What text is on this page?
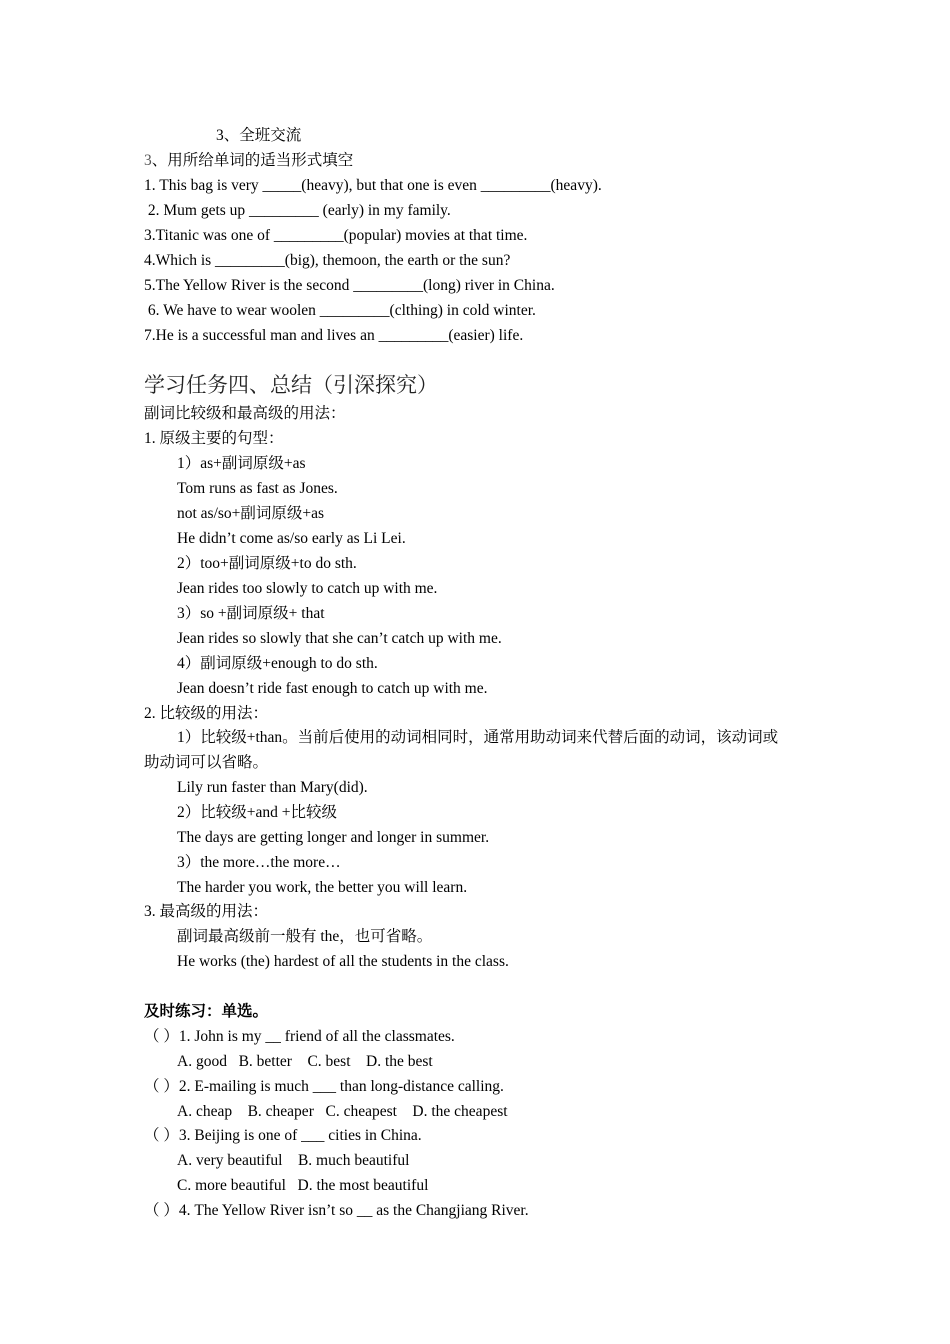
3、全班交流
3、用所给单词的适当形式填空
1. This bag is very _____(heavy), but that one is even _________(heavy).
2. Mum gets up _________ (early) in my family.
3.Titanic was one of _________(popular) movies at that time.
4.Which is _________(big), themoon, the earth or the sun?
5.The Yellow River is the second _________(long) river in China.
6. We have to wear woolen _________(clthing) in cold winter.
7.He is a successful man and lives an _________(easier) life.
学习任务四、总结（引深探究）
副词比较级和最高级的用法：
1. 原级主要的句型：
1）as+副词原级+as
Tom runs as fast as Jones.
not as/so+副词原级+as
He didn’t come as/so early as Li Lei.
2）too+副词原级+to do sth.
Jean rides too slowly to catch up with me.
3）so +副词原级+ that
Jean rides so slowly that she can’t catch up with me.
4）副词原级+enough to do sth.
Jean doesn’t ride fast enough to catch up with me.
2. 比较级的用法：
1）比较级+than。当前后使用的动词相同时，通常用助动词来代替后面的动词，该动词或
助动词可以省略。
Lily run faster than Mary(did).
2）比较级+and +比较级
The days are getting longer and longer in summer.
3）the more…the more…
The harder you work, the better you will learn.
3. 最高级的用法：
副词最高级前一般有 the，也可省略。
He works (the) hardest of all the students in the class.
及时练习：单选。
（ ）1. John is my __ friend of all the classmates.
A. good   B. better    C. best    D. the best
（ ）2. E-mailing is much ___ than long-distance calling.
A. cheap    B. cheaper   C. cheapest    D. the cheapest
（ ）3. Beijing is one of ___ cities in China.
A. very beautiful    B. much beautiful
C. more beautiful   D. the most beautiful
（ ）4. The Yellow River isn’t so __ as the Changjiang River.
